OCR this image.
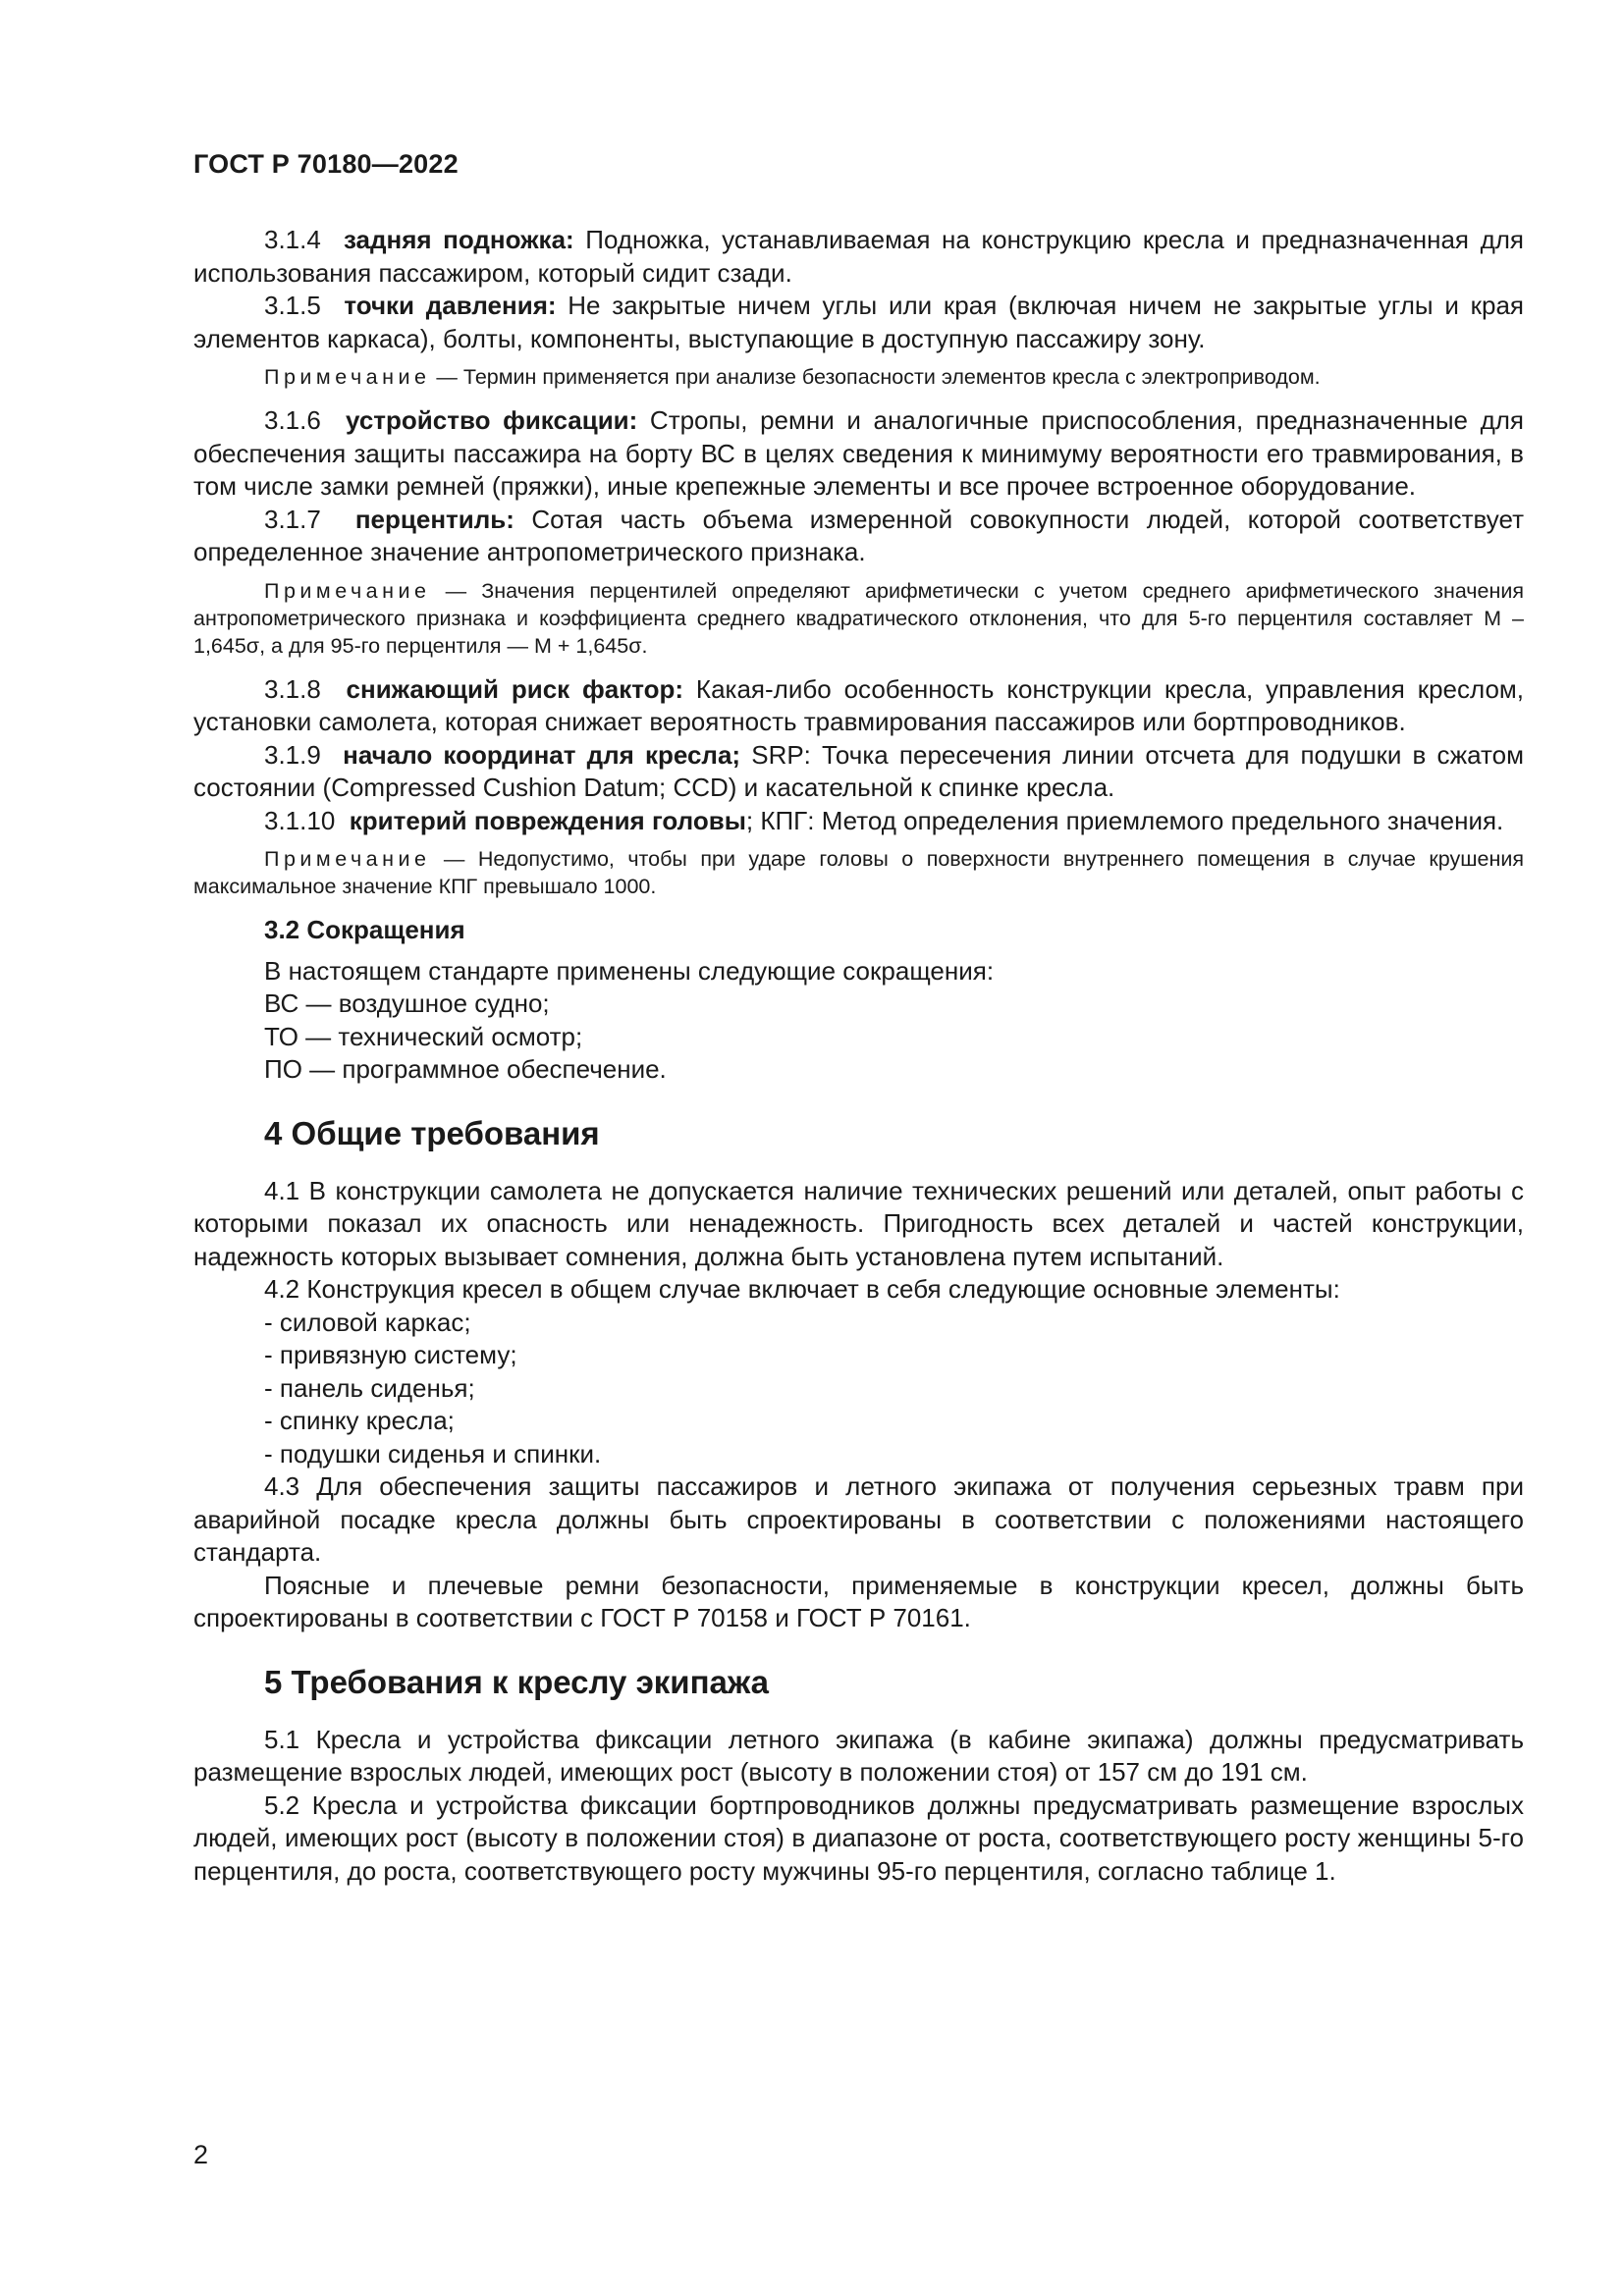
ГОСТ Р 70180—2022

3.1.4 задняя подножка: Подножка, устанавливаемая на конструкцию кресла и предназначенная для использования пассажиром, который сидит сзади.

3.1.5 точки давления: Не закрытые ничем углы или края (включая ничем не закрытые углы и края элементов каркаса), болты, компоненты, выступающие в доступную пассажиру зону.

Примечание — Термин применяется при анализе безопасности элементов кресла с электроприводом.

3.1.6 устройство фиксации: Стропы, ремни и аналогичные приспособления, предназначенные для обеспечения защиты пассажира на борту ВС в целях сведения к минимуму вероятности его травмирования, в том числе замки ремней (пряжки), иные крепежные элементы и все прочее встроенное оборудование.

3.1.7 перцентиль: Сотая часть объема измеренной совокупности людей, которой соответствует определенное значение антропометрического признака.

Примечание — Значения перцентилей определяют арифметически с учетом среднего арифметического значения антропометрического признака и коэффициента среднего квадратического отклонения, что для 5-го перцентиля составляет M – 1,645σ, а для 95-го перцентиля — M + 1,645σ.

3.1.8 снижающий риск фактор: Какая-либо особенность конструкции кресла, управления креслом, установки самолета, которая снижает вероятность травмирования пассажиров или бортпроводников.

3.1.9 начало координат для кресла; SRP: Точка пересечения линии отсчета для подушки в сжатом состоянии (Compressed Cushion Datum; CCD) и касательной к спинке кресла.

3.1.10 критерий повреждения головы; КПГ: Метод определения приемлемого предельного значения.

Примечание — Недопустимо, чтобы при ударе головы о поверхности внутреннего помещения в случае крушения максимальное значение КПГ превышало 1000.

3.2 Сокращения

В настоящем стандарте применены следующие сокращения:

ВС — воздушное судно;

ТО — технический осмотр;

ПО — программное обеспечение.

4 Общие требования

4.1 В конструкции самолета не допускается наличие технических решений или деталей, опыт работы с которыми показал их опасность или ненадежность. Пригодность всех деталей и частей конструкции, надежность которых вызывает сомнения, должна быть установлена путем испытаний.

4.2 Конструкция кресел в общем случае включает в себя следующие основные элементы:

- силовой каркас;

- привязную систему;

- панель сиденья;

- спинку кресла;

- подушки сиденья и спинки.

4.3 Для обеспечения защиты пассажиров и летного экипажа от получения серьезных травм при аварийной посадке кресла должны быть спроектированы в соответствии с положениями настоящего стандарта.

Поясные и плечевые ремни безопасности, применяемые в конструкции кресел, должны быть спроектированы в соответствии с ГОСТ Р 70158 и ГОСТ Р 70161.

5 Требования к креслу экипажа

5.1 Кресла и устройства фиксации летного экипажа (в кабине экипажа) должны предусматривать размещение взрослых людей, имеющих рост (высоту в положении стоя) от 157 см до 191 см.

5.2 Кресла и устройства фиксации бортпроводников должны предусматривать размещение взрослых людей, имеющих рост (высоту в положении стоя) в диапазоне от роста, соответствующего росту женщины 5-го перцентиля, до роста, соответствующего росту мужчины 95-го перцентиля, согласно таблице 1.

2
